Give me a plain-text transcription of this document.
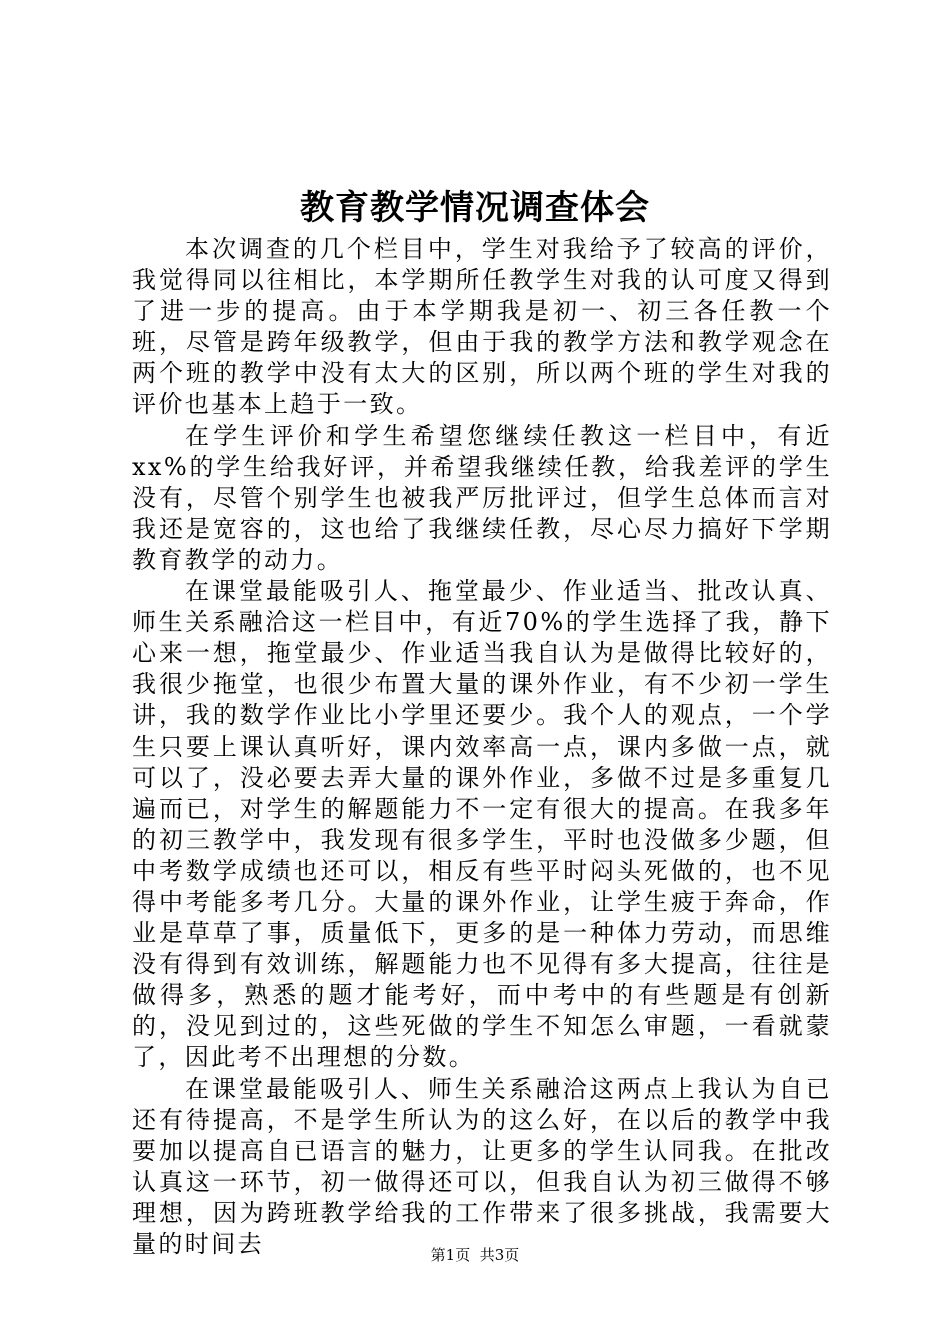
教育教学情况调查体会

本次调查的几个栏目中，学生对我给予了较高的评价，我觉得同以往相比，本学期所任教学生对我的认可度又得到了进一步的提高。由于本学期我是初一、初三各任教一个班，尽管是跨年级教学，但由于我的教学方法和教学观念在两个班的教学中没有太大的区别，所以两个班的学生对我的评价也基本上趋于一致。

在学生评价和学生希望您继续任教这一栏目中，有近xx%的学生给我好评，并希望我继续任教，给我差评的学生没有，尽管个别学生也被我严厉批评过，但学生总体而言对我还是宽容的，这也给了我继续任教，尽心尽力搞好下学期教育教学的动力。

在课堂最能吸引人、拖堂最少、作业适当、批改认真、师生关系融洽这一栏目中，有近70%的学生选择了我，静下心来一想，拖堂最少、作业适当我自认为是做得比较好的，我很少拖堂，也很少布置大量的课外作业，有不少初一学生讲，我的数学作业比小学里还要少。我个人的观点，一个学生只要上课认真听好，课内效率高一点，课内多做一点，就可以了，没必要去弄大量的课外作业，多做不过是多重复几遍而已，对学生的解题能力不一定有很大的提高。在我多年的初三教学中，我发现有很多学生，平时也没做多少题，但中考数学成绩也还可以，相反有些平时闷头死做的，也不见得中考能多考几分。大量的课外作业，让学生疲于奔命，作业是草草了事，质量低下，更多的是一种体力劳动，而思维没有得到有效训练，解题能力也不见得有多大提高，往往是做得多，熟悉的题才能考好，而中考中的有些题是有创新的，没见到过的，这些死做的学生不知怎么审题，一看就蒙了，因此考不出理想的分数。

在课堂最能吸引人、师生关系融洽这两点上我认为自已还有待提高，不是学生所认为的这么好，在以后的教学中我要加以提高自已语言的魅力，让更多的学生认同我。在批改认真这一环节，初一做得还可以，但我自认为初三做得不够理想，因为跨班教学给我的工作带来了很多挑战，我需要大量的时间去	第1页 共3页
